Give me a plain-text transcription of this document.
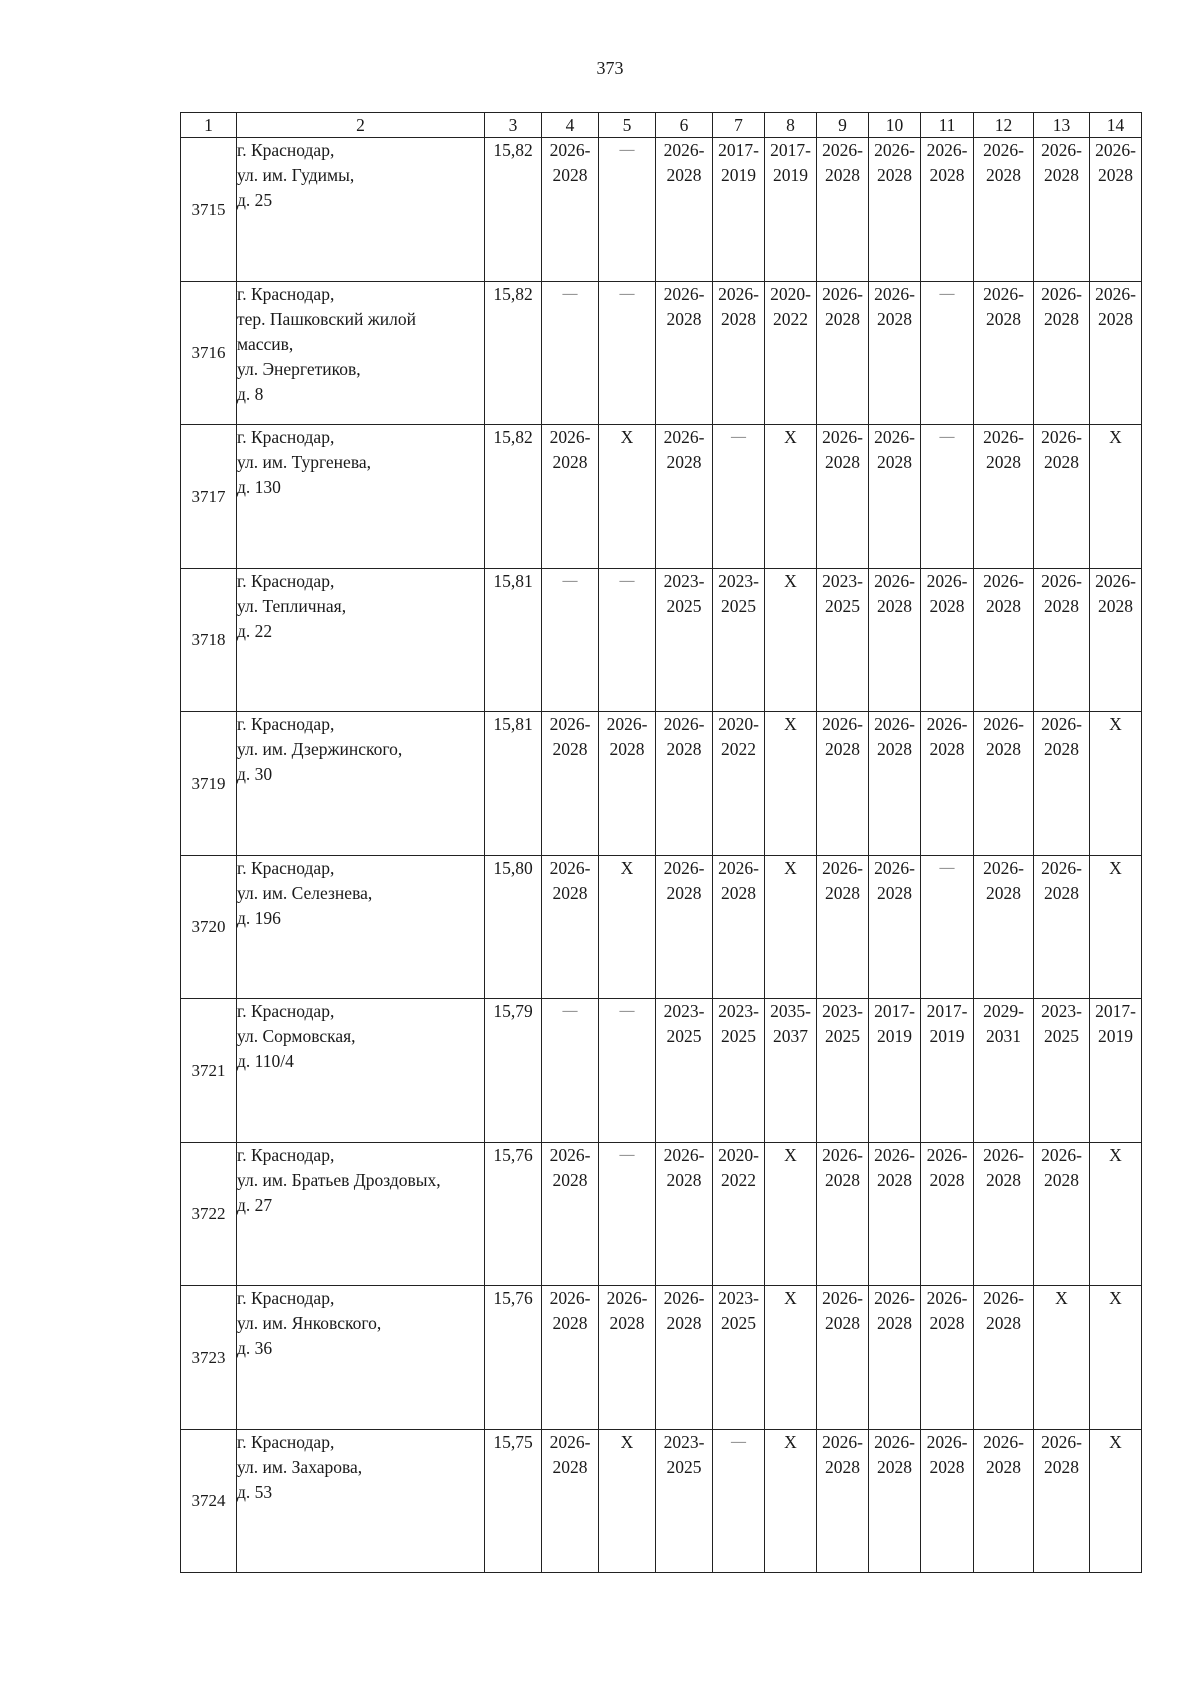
373
1	2	3	4	5	6	7	8	9	10	11	12	13	14
3715	г. Краснодар,
ул. им. Гудимы,
д. 25	15,82	2026-
2028	—	2026-
2028	2017-
2019	2017-
2019	2026-
2028	2026-
2028	2026-
2028	2026-
2028	2026-
2028	2026-
2028
3716	г. Краснодар,
тер. Пашковский жилой
массив,
ул. Энергетиков,
д. 8	15,82	—	—	2026-
2028	2026-
2028	2020-
2022	2026-
2028	2026-
2028	—	2026-
2028	2026-
2028	2026-
2028
3717	г. Краснодар,
ул. им. Тургенева,
д. 130	15,82	2026-
2028	Х	2026-
2028	—	Х	2026-
2028	2026-
2028	—	2026-
2028	2026-
2028	Х
3718	г. Краснодар,
ул. Тепличная,
д. 22	15,81	—	—	2023-
2025	2023-
2025	Х	2023-
2025	2026-
2028	2026-
2028	2026-
2028	2026-
2028	2026-
2028
3719	г. Краснодар,
ул. им. Дзержинского,
д. 30	15,81	2026-
2028	2026-
2028	2026-
2028	2020-
2022	Х	2026-
2028	2026-
2028	2026-
2028	2026-
2028	2026-
2028	Х
3720	г. Краснодар,
ул. им. Селезнева,
д. 196	15,80	2026-
2028	Х	2026-
2028	2026-
2028	Х	2026-
2028	2026-
2028	—	2026-
2028	2026-
2028	Х
3721	г. Краснодар,
ул. Сормовская,
д. 110/4	15,79	—	—	2023-
2025	2023-
2025	2035-
2037	2023-
2025	2017-
2019	2017-
2019	2029-
2031	2023-
2025	2017-
2019
3722	г. Краснодар,
ул. им. Братьев Дроздовых,
д. 27	15,76	2026-
2028	—	2026-
2028	2020-
2022	Х	2026-
2028	2026-
2028	2026-
2028	2026-
2028	2026-
2028	Х
3723	г. Краснодар,
ул. им. Янковского,
д. 36	15,76	2026-
2028	2026-
2028	2026-
2028	2023-
2025	Х	2026-
2028	2026-
2028	2026-
2028	2026-
2028	Х	Х
3724	г. Краснодар,
ул. им. Захарова,
д. 53	15,75	2026-
2028	Х	2023-
2025	—	Х	2026-
2028	2026-
2028	2026-
2028	2026-
2028	2026-
2028	Х
